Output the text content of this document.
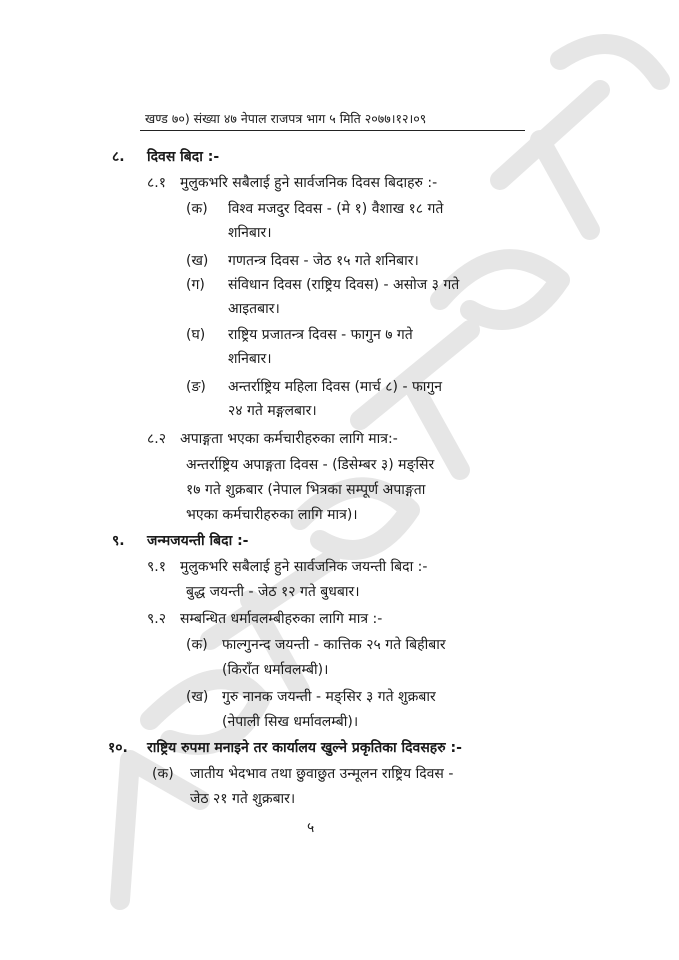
खण्ड ७०) संख्या ४७ नेपाल राजपत्र भाग ५ मिति २०७७।१२।०९
८. दिवस बिदा :-
८.१ मुलुकभरि सबैलाई हुने सार्वजनिक दिवस बिदाहरु :-
(क) विश्व मजदुर दिवस - (मे १) वैशाख १८ गते
शनिबार।
(ख) गणतन्त्र दिवस - जेठ १५ गते शनिबार।
(ग) संविधान दिवस (राष्ट्रिय दिवस) - असोज ३ गते
आइतबार।
(घ) राष्ट्रिय प्रजातन्त्र दिवस - फागुन ७ गते
शनिबार।
(ङ) अन्तर्राष्ट्रिय महिला दिवस (मार्च ८) - फागुन
२४ गते मङ्गलबार।
८.२ अपाङ्गता भएका कर्मचारीहरुका लागि मात्र:-
अन्तर्राष्ट्रिय अपाङ्गता दिवस - (डिसेम्बर ३) मङ्सिर
१७ गते शुक्रबार (नेपाल भित्रका सम्पूर्ण अपाङ्गता
भएका कर्मचारीहरुका लागि मात्र)।
९. जन्मजयन्ती बिदा :-
९.१ मुलुकभरि सबैलाई हुने सार्वजनिक जयन्ती बिदा :-
बुद्ध जयन्ती - जेठ १२ गते बुधबार।
९.२ सम्बन्धित धर्मावलम्बीहरुका लागि मात्र :-
(क) फाल्गुनन्द जयन्ती - कात्तिक २५ गते बिहीबार
(किराँत धर्मावलम्बी)।
(ख) गुरु नानक जयन्ती - मङ्सिर ३ गते शुक्रबार
(नेपाली सिख धर्मावलम्बी)।
१०. राष्ट्रिय रुपमा मनाइने तर कार्यालय खुल्ने प्रकृतिका दिवसहरु :-
(क) जातीय भेदभाव तथा छुवाछुत उन्मूलन राष्ट्रिय दिवस -
जेठ २१ गते शुक्रबार।
५
